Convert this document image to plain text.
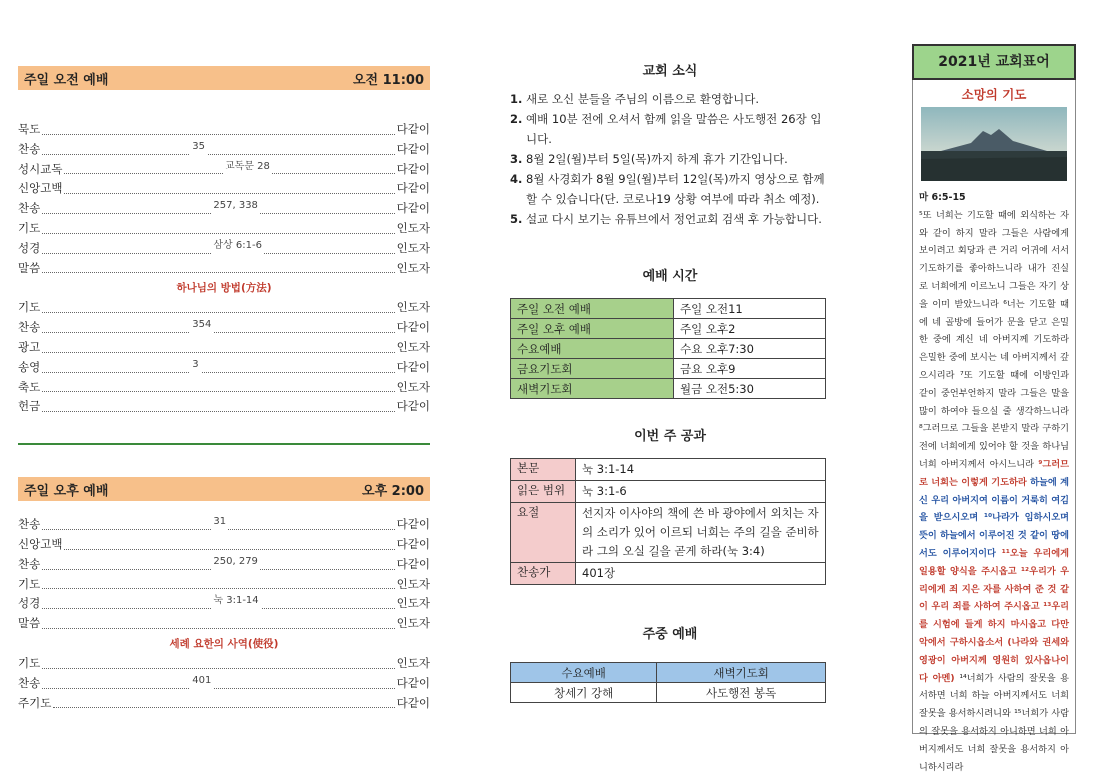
주일 오전 예배	오전 11:00
묵도	다같이
찬송	35	다같이
성시교독	교독문 28	다같이
신앙고백	다같이
찬송	257, 338	다같이
기도	인도자
성경	삼상 6:1-6	인도자
말씀	인도자
하나님의 방법(方法)
기도	인도자
찬송	354	다같이
광고	인도자
송영	3	다같이
축도	인도자
헌금	다같이
주일 오후 예배	오후 2:00
찬송	31	다같이
신앙고백	다같이
찬송	250, 279	다같이
기도	인도자
성경	눅 3:1-14	인도자
말씀	인도자
세례 요한의 사역(使役)
기도	인도자
찬송	401	다같이
주기도	다같이
교회 소식
1. 새로 오신 분들을 주님의 이름으로 환영합니다.
2. 예배 10분 전에 오셔서 함께 읽을 말씀은 사도행전 26장 입니다.
3. 8월 2일(월)부터 5일(목)까지 하계 휴가 기간입니다.
4. 8월 사경회가 8월 9일(월)부터 12일(목)까지 영상으로 함께 할 수 있습니다(단. 코로나19 상황 여부에 따라 취소 예정).
5. 설교 다시 보기는 유튜브에서 정언교회 검색 후 가능합니다.
예배 시간
주일 오전 예배	주일 오전11
주일 오후 예배	주일 오후2
수요예배	수요 오후7:30
금요기도회	금요 오후9
새벽기도회	월금 오전5:30
이번 주 공과
본문	눅 3:1-14
읽은 범위	눅 3:1-6
요절	선지자 이사야의 책에 쓴 바 광야에서 외치는 자의 소리가 있어 이르되 너희는 주의 길을 준비하라 그의 오실 길을 곧게 하라(눅 3:4)
찬송가	401장
주중 예배
수요예배	새벽기도회
창세기 강해	사도행전 봉독
2021년 교회표어
소망의 기도
마 6:5-15
⁵또 너희는 기도할 때에 외식하는 자와 같이 하지 말라 그들은 사람에게 보이려고 회당과 큰 거리 어귀에 서서 기도하기를 좋아하느니라 내가 진실로 너희에게 이르노니 그들은 자기 상을 이미 받았느니라 ⁶너는 기도할 때에 네 골방에 들어가 문을 닫고 은밀한 중에 계신 네 아버지께 기도하라 은밀한 중에 보시는 네 아버지께서 갚으시리라 ⁷또 기도할 때에 이방인과 같이 중언부언하지 말라 그들은 말을 많이 하여야 들으실 줄 생각하느니라 ⁸그러므로 그들을 본받지 말라 구하기 전에 너희에게 있어야 할 것을 하나님 너희 아버지께서 아시느니라 ⁹그러므로 너희는 이렇게 기도하라 하늘에 계신 우리 아버지여 이름이 거룩히 여김을 받으시오며 ¹⁰나라가 임하시오며 뜻이 하늘에서 이루어진 것 같이 땅에서도 이루어지이다 ¹¹오늘 우리에게 일용할 양식을 주시옵고 ¹²우리가 우리에게 죄 지은 자를 사하여 준 것 같이 우리 죄를 사하여 주시옵고 ¹³우리를 시험에 들게 하지 마시옵고 다만 악에서 구하시옵소서 (나라와 권세와 영광이 아버지께 영원히 있사옵나이다 아멘) ¹⁴너희가 사람의 잘못을 용서하면 너희 하늘 아버지께서도 너희 잘못을 용서하시려니와 ¹⁵너희가 사람의 잘못을 용서하지 아니하면 너희 아버지께서도 너희 잘못을 용서하지 아니하시리라
